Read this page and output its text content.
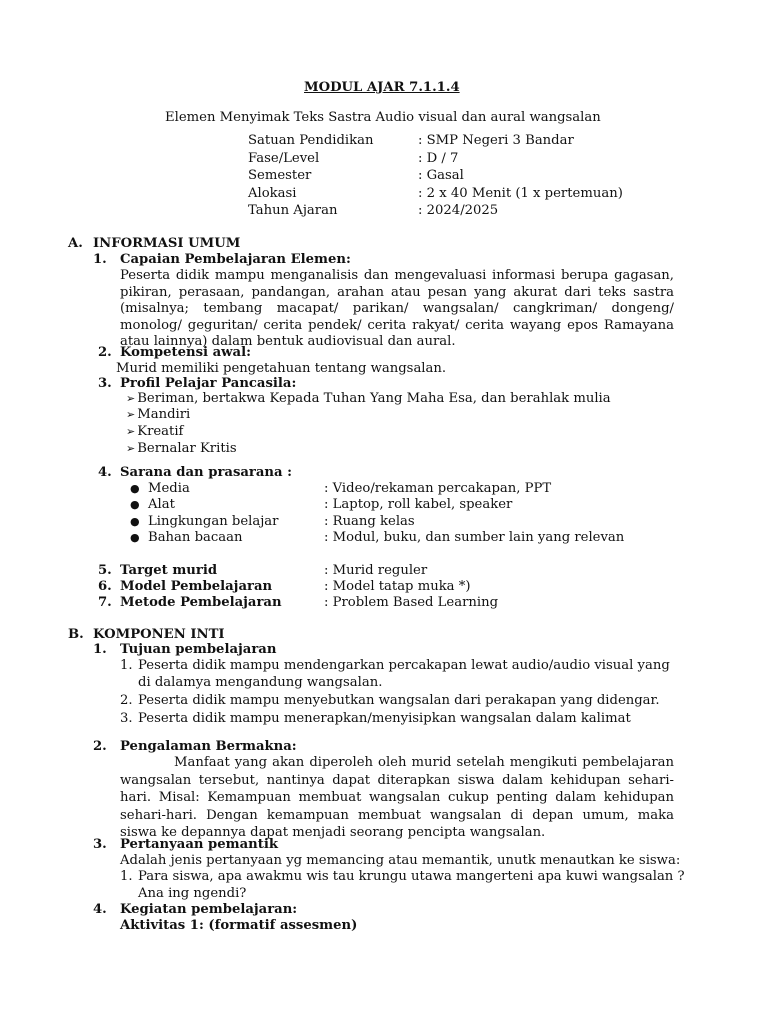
MODUL AJAR 7.1.1.4
Elemen Menyimak Teks Sastra Audio visual dan aural wangsalan
Satuan Pendidikan	: SMP Negeri 3 Bandar
Fase/Level	: D / 7
Semester	: Gasal
Alokasi	: 2 x 40 Menit (1 x pertemuan)
Tahun Ajaran	: 2024/2025
A. INFORMASI UMUM
1. Capaian Pembelajaran Elemen:
Peserta didik mampu menganalisis dan mengevaluasi informasi berupa gagasan, pikiran, perasaan, pandangan, arahan atau pesan yang akurat dari teks sastra (misalnya; tembang macapat/ parikan/ wangsalan/ cangkriman/ dongeng/ monolog/ geguritan/ cerita pendek/ cerita rakyat/ cerita wayang epos Ramayana atau lainnya) dalam bentuk audiovisual dan aural.
2. Kompetensi awal:
Murid memiliki pengetahuan tentang wangsalan.
3. Profil Pelajar Pancasila:
➢ Beriman, bertakwa Kepada Tuhan Yang Maha Esa, dan berahlak mulia
➢ Mandiri
➢ Kreatif
➢ Bernalar Kritis
4. Sarana dan prasarana :
● Media	: Video/rekaman percakapan, PPT
● Alat	: Laptop, roll kabel, speaker
● Lingkungan belajar	: Ruang kelas
● Bahan bacaan	: Modul, buku, dan sumber lain yang relevan
5. Target murid	: Murid reguler
6. Model Pembelajaran	: Model tatap muka *)
7. Metode Pembelajaran	: Problem Based Learning
B. KOMPONEN INTI
1. Tujuan pembelajaran
1. Peserta didik mampu mendengarkan percakapan lewat audio/audio visual yang
di dalamya mengandung wangsalan.
2. Peserta didik mampu menyebutkan wangsalan dari perakapan yang didengar.
3. Peserta didik mampu menerapkan/menyisipkan wangsalan dalam kalimat
2. Pengalaman Bermakna:
Manfaat yang akan diperoleh oleh murid setelah mengikuti pembelajaran wangsalan tersebut, nantinya dapat diterapkan siswa dalam kehidupan sehari-hari. Misal: Kemampuan membuat wangsalan cukup penting dalam kehidupan sehari-hari. Dengan kemampuan membuat wangsalan di depan umum, maka siswa ke depannya dapat menjadi seorang pencipta wangsalan.
3. Pertanyaan pemantik
Adalah jenis pertanyaan yg memancing atau memantik, unutk menautkan ke siswa:
1. Para siswa, apa awakmu wis tau krungu utawa mangerteni apa kuwi wangsalan ?
Ana ing ngendi?
4. Kegiatan pembelajaran:
Aktivitas 1: (formatif assesmen)
